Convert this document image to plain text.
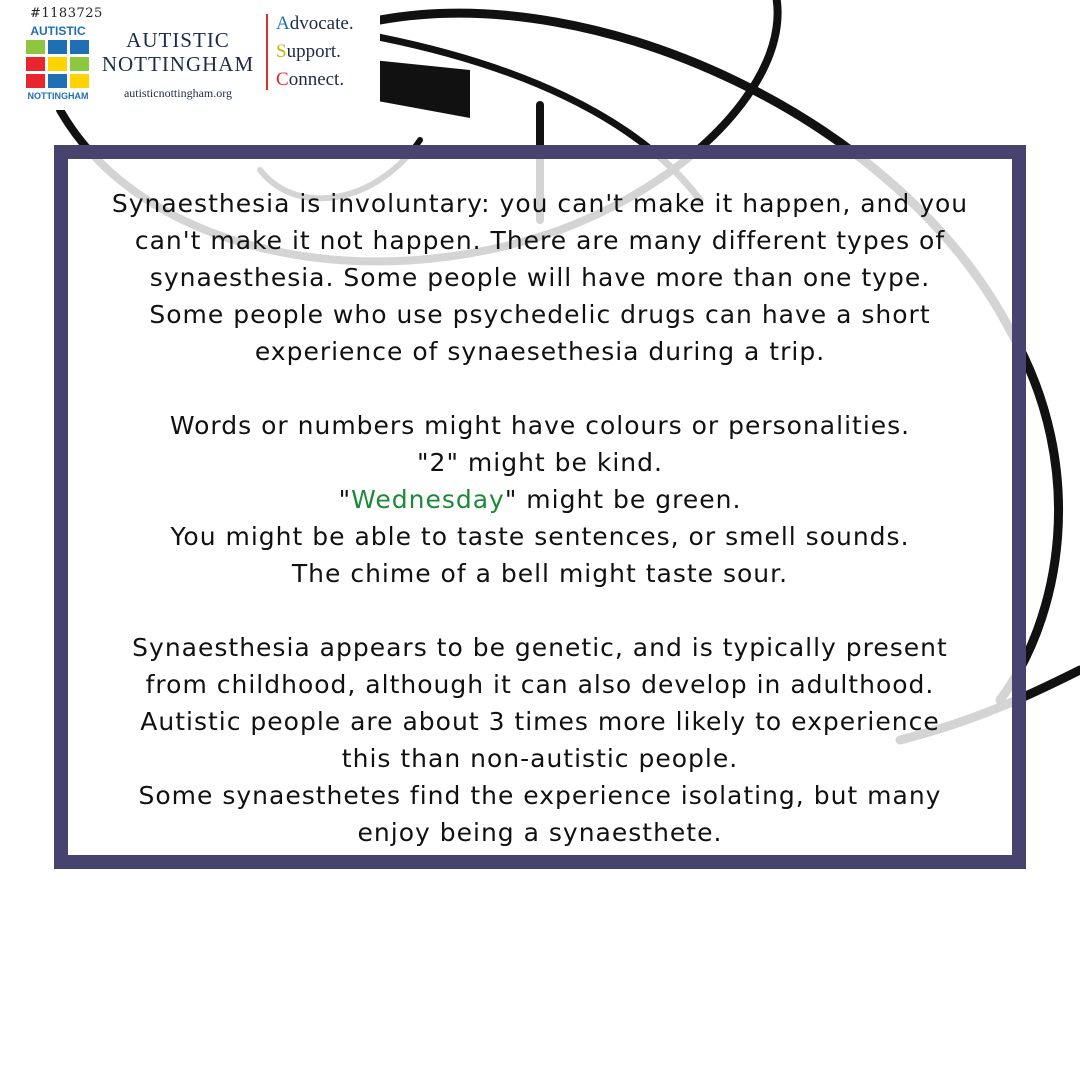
#1183725
AUTISTIC
NOTTINGHAM
AUTISTIC
NOTTINGHAM
autisticnottingham.org
Advocate.
Support.
Connect.

Synaesthesia is involuntary: you can't make it happen, and you
can't make it not happen. There are many different types of
synaesthesia. Some people will have more than one type.
Some people who use psychedelic drugs can have a short
experience of synaesethesia during a trip.

Words or numbers might have colours or personalities.
"2" might be kind.
"Wednesday" might be green.
You might be able to taste sentences, or smell sounds.
The chime of a bell might taste sour.

Synaesthesia appears to be genetic, and is typically present
from childhood, although it can also develop in adulthood.
Autistic people are about 3 times more likely to experience
this than non-autistic people.
Some synaesthetes find the experience isolating, but many
enjoy being a synaesthete.
